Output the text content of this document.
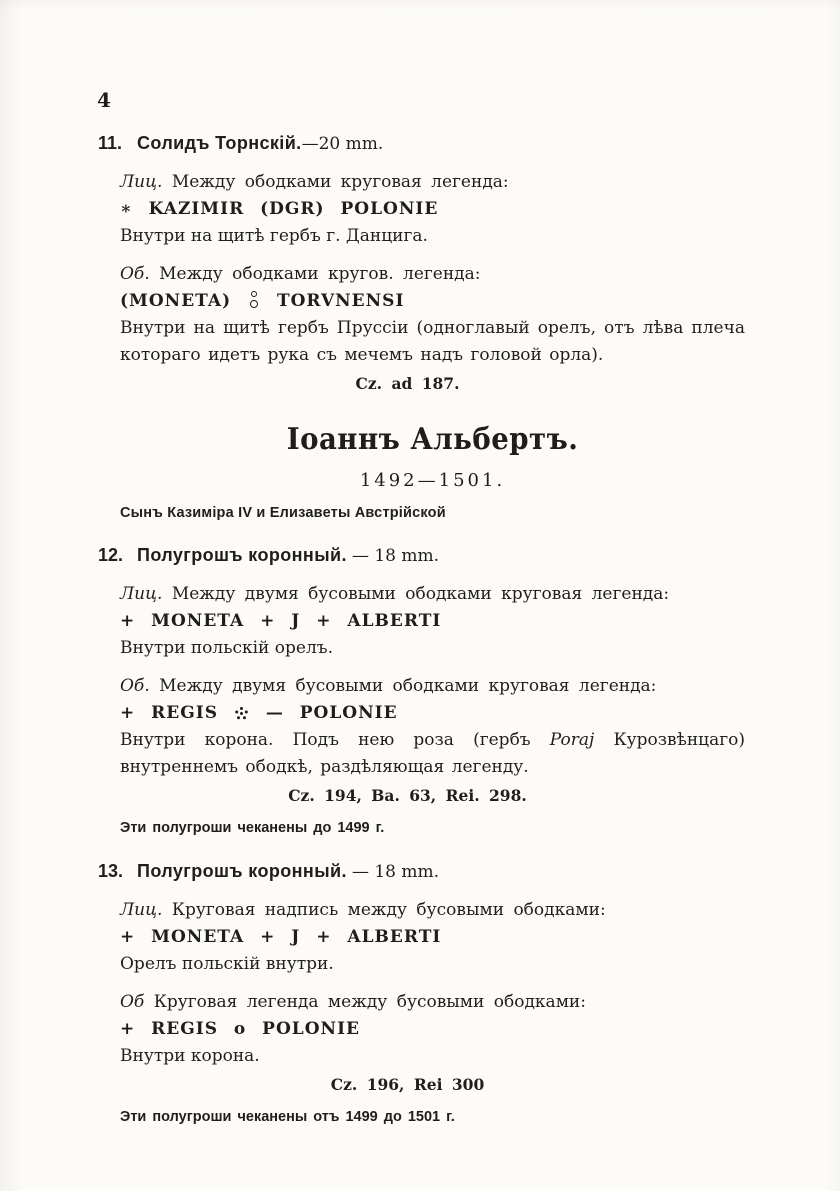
4
11. Солидъ Торнскій.—20 mm.

Лиц. Между ободками круговая легенда:

∗ KAZIMIR (DGR) POLONIE

Внутри на щитѣ гербъ г. Данцига.

Об. Между ободками кругов. легенда:

(MONETA)	TORVNENSI

Внутри на щитѣ гербъ Пруссіи (одноглавый орелъ, отъ лѣва плеча котораго идетъ рука съ мечемъ надъ головой орла).

Cz. ad 187.

Іоаннъ Альбертъ.

1492—1501.

Сынъ Казиміра IV и Елизаветы Австрійской

12. Полугрошъ коронный. — 18 mm.

Лиц. Между двумя бусовыми ободками круговая легенда:

+ MONETA + J + ALBERTI

Внутри польскій орелъ.

Об. Между двумя бусовыми ободками круговая легенда:

+ REGIS	— POLONIE

Внутри корона. Подъ нею роза (гербъ Poraj Курозвѣнцаго) внутреннемъ ободкѣ, раздѣляющая легенду.

Cz. 194, Ba. 63, Rei. 298.

Эти полугроши чеканены до 1499 г.

13. Полугрошъ коронный. — 18 mm.

Лиц. Круговая надпись между бусовыми ободками:

+ MONETA + J + ALBERTI

Орелъ польскій внутри.

Об Круговая легенда между бусовыми ободками:

+ REGIS o POLONIE

Внутри корона.

Cz. 196, Rei 300

Эти полугроши чеканены отъ 1499 до 1501 г.
